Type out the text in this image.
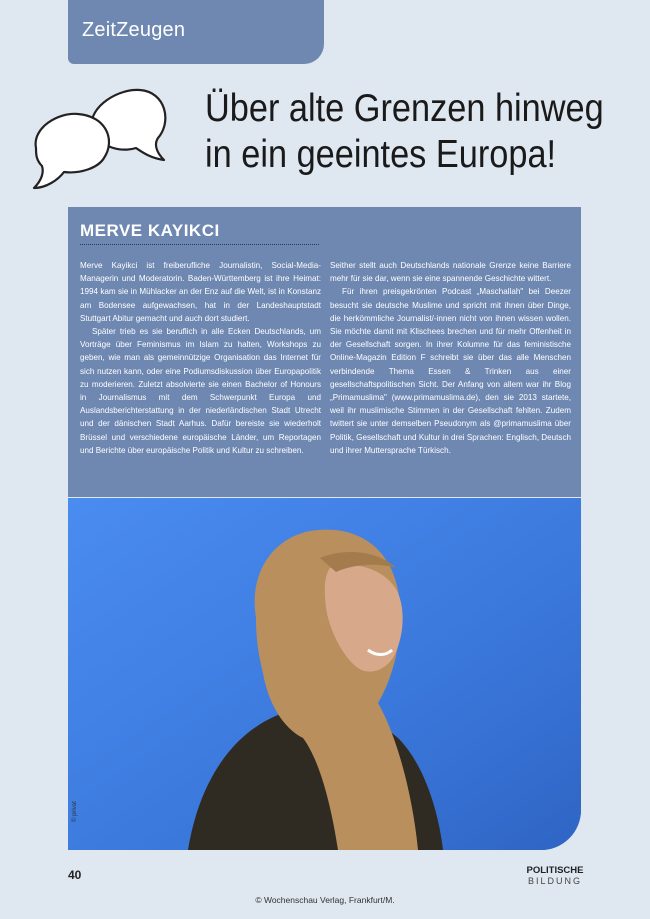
ZeitZeugen
Über alte Grenzen hinweg
in ein geeintes Europa!
MERVE KAYIKCI

Merve Kayikci ist freiberufliche Journalistin, Social-Media-Managerin und Moderatorin. Baden-Württemberg ist ihre Heimat: 1994 kam sie in Mühlacker an der Enz auf die Welt, ist in Konstanz am Bodensee aufgewachsen, hat in der Landeshauptstadt Stuttgart Abitur gemacht und auch dort studiert.

Später trieb es sie beruflich in alle Ecken Deutschlands, um Vorträge über Feminismus im Islam zu halten, Workshops zu geben, wie man als gemeinnützige Organisation das Internet für sich nutzen kann, oder eine Podiumsdiskussion über Europapolitik zu moderieren. Zuletzt absolvierte sie einen Bachelor of Honours in Journalismus mit dem Schwerpunkt Europa und Auslandsberichterstattung in der niederländischen Stadt Utrecht und der dänischen Stadt Aarhus. Dafür bereiste sie wiederholt Brüssel und verschiedene europäische Länder, um Reportagen und Berichte über europäische Politik und Kultur zu schreiben.

Seither stellt auch Deutschlands nationale Grenze keine Barriere mehr für sie dar, wenn sie eine spannende Geschichte wittert.

Für ihren preisgekrönten Podcast „Maschallah" bei Deezer besucht sie deutsche Muslime und spricht mit ihnen über Dinge, die herkömmliche Journalist/-innen nicht von ihnen wissen wollen. Sie möchte damit mit Klischees brechen und für mehr Offenheit in der Gesellschaft sorgen. In ihrer Kolumne für das feministische Online-Magazin Edition F schreibt sie über das alle Menschen verbindende Thema Essen & Trinken aus einer gesellschaftspolitischen Sicht. Der Anfang von allem war ihr Blog „Primamuslima" (www.primamuslima.de), den sie 2013 startete, weil ihr muslimische Stimmen in der Gesellschaft fehlten. Zudem twittert sie unter demselben Pseudonym als @primamuslima über Politik, Gesellschaft und Kultur in drei Sprachen: Englisch, Deutsch und ihrer Muttersprache Türkisch.

© privat
40	POLITISCHE
BILDUNG
© Wochenschau Verlag, Frankfurt/M.
